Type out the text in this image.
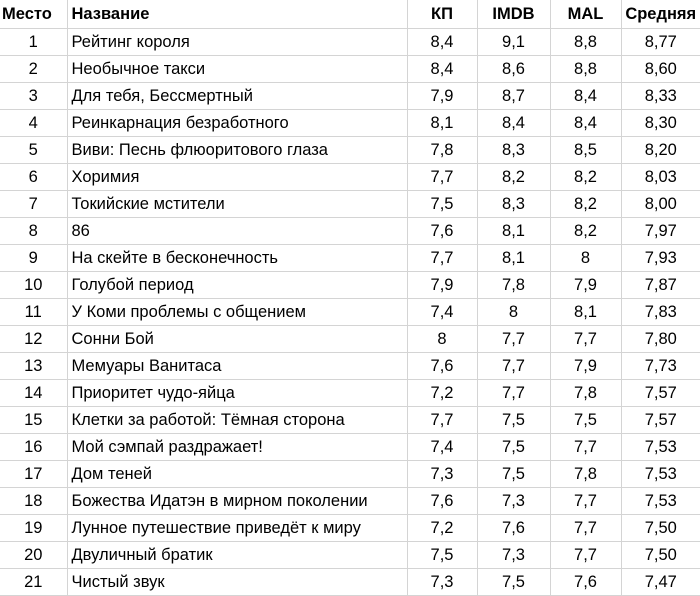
Место	Название	КП	IMDB	MAL	Средняя
1	Рейтинг короля	8,4	9,1	8,8	8,77
2	Необычное такси	8,4	8,6	8,8	8,60
3	Для тебя, Бессмертный	7,9	8,7	8,4	8,33
4	Реинкарнация безработного	8,1	8,4	8,4	8,30
5	Виви: Песнь флюоритового глаза	7,8	8,3	8,5	8,20
6	Хоримия	7,7	8,2	8,2	8,03
7	Токийские мстители	7,5	8,3	8,2	8,00
8	86	7,6	8,1	8,2	7,97
9	На скейте в бесконечность	7,7	8,1	8	7,93
10	Голубой период	7,9	7,8	7,9	7,87
11	У Коми проблемы с общением	7,4	8	8,1	7,83
12	Сонни Бой	8	7,7	7,7	7,80
13	Мемуары Ванитаса	7,6	7,7	7,9	7,73
14	Приоритет чудо-яйца	7,2	7,7	7,8	7,57
15	Клетки за работой: Тёмная сторона	7,7	7,5	7,5	7,57
16	Мой сэмпай раздражает!	7,4	7,5	7,7	7,53
17	Дом теней	7,3	7,5	7,8	7,53
18	Божества Идатэн в мирном поколении	7,6	7,3	7,7	7,53
19	Лунное путешествие приведёт к миру	7,2	7,6	7,7	7,50
20	Двуличный братик	7,5	7,3	7,7	7,50
21	Чистый звук	7,3	7,5	7,6	7,47
